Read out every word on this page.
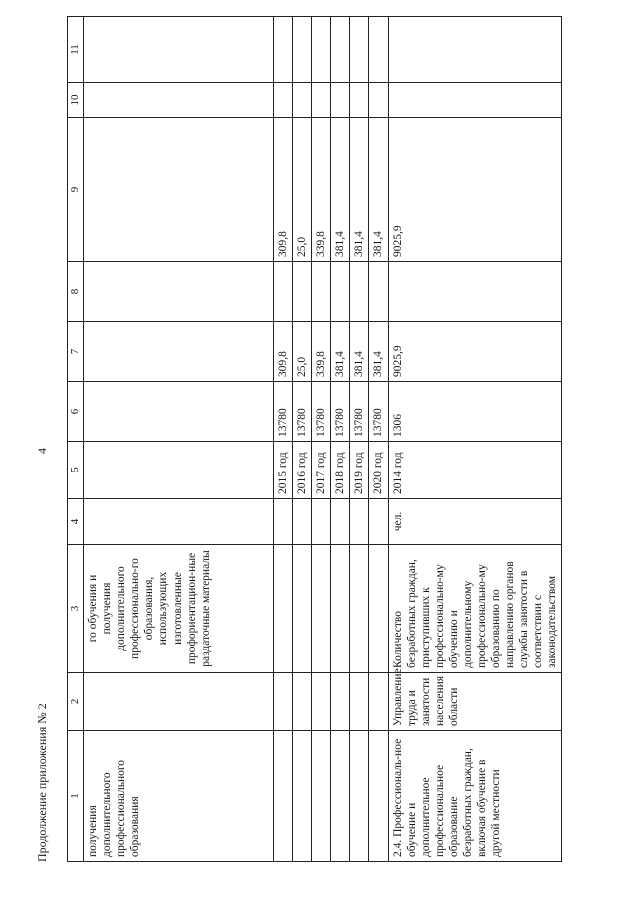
Продолжение приложения № 2
4
1	2	3	4	5	6	7	8	9	10	11
получения дополнительного профессионального образования		го обучения и получения дополнительного профессионально-го образования, использующих изготовленные профориентацион-ные раздаточные материалы								
				2015 год	13780	309,8		309,8		
				2016 год	13780	25,0		25,0		
				2017 год	13780	339,8		339,8		
				2018 год	13780	381,4		381,4		
				2019 год	13780	381,4		381,4		
				2020 год	13780	381,4		381,4		
2.4. Профессиональ-ное обучение и дополнительное профессиональное образование безработных граждан, включая обучение в другой местности	Управление труда и занятости населения области	Количество безработных граждан, приступивших к профессионально-му обучению и дополнительному профессионально-му образованию по направлению органов службы занятости в соответствии с законодательством	чел.	2014 год	1306	9025,9		9025,9		
